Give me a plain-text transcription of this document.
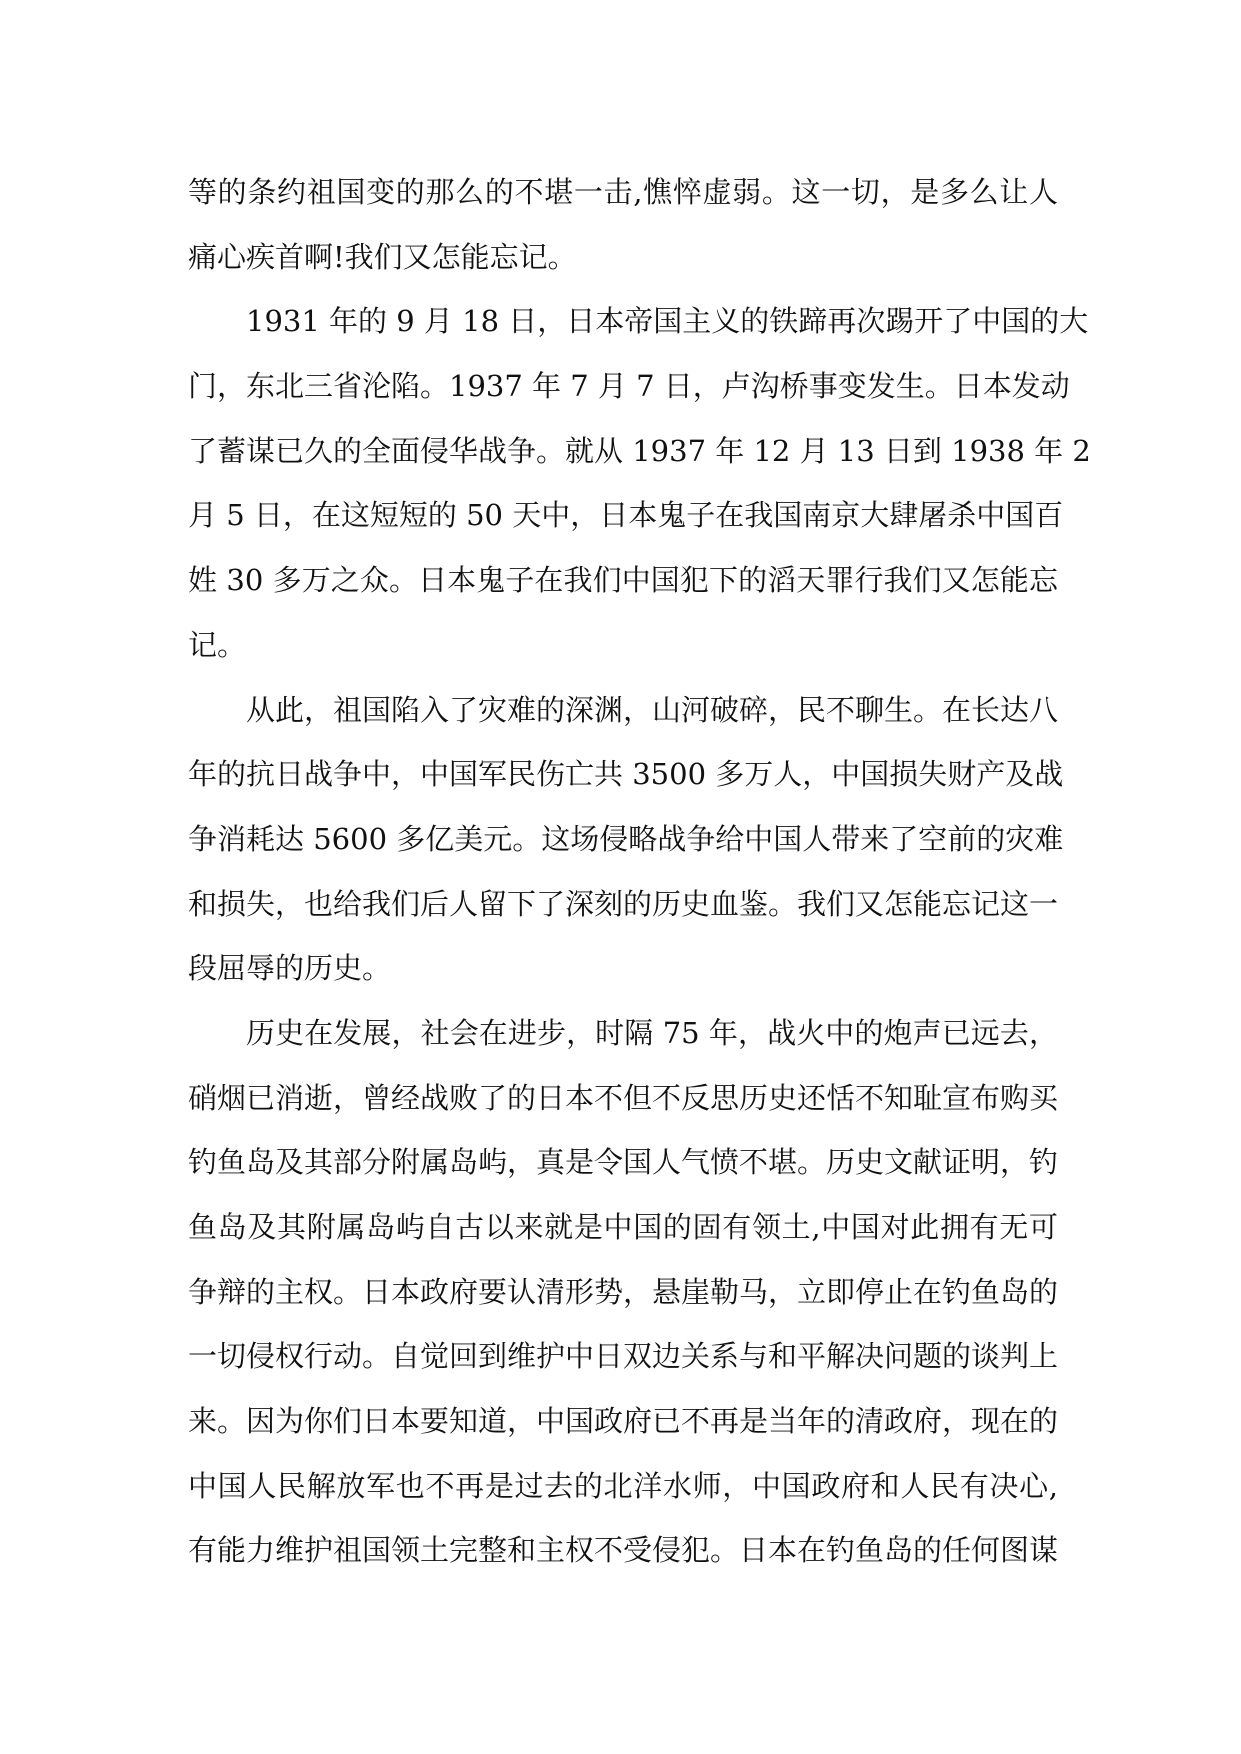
等的条约祖国变的那么的不堪一击,憔悴虚弱。这一切，是多么让人
痛心疾首啊!我们又怎能忘记。
1931 年的 9 月 18 日，日本帝国主义的铁蹄再次踢开了中国的大
门，东北三省沦陷。1937 年 7 月 7 日，卢沟桥事变发生。日本发动
了蓄谋已久的全面侵华战争。就从 1937 年 12 月 13 日到 1938 年 2
月 5 日，在这短短的 50 天中，日本鬼子在我国南京大肆屠杀中国百
姓 30 多万之众。日本鬼子在我们中国犯下的滔天罪行我们又怎能忘
记。
从此，祖国陷入了灾难的深渊，山河破碎，民不聊生。在长达八
年的抗日战争中，中国军民伤亡共 3500 多万人，中国损失财产及战
争消耗达 5600 多亿美元。这场侵略战争给中国人带来了空前的灾难
和损失，也给我们后人留下了深刻的历史血鉴。我们又怎能忘记这一
段屈辱的历史。
历史在发展，社会在进步，时隔 75 年，战火中的炮声已远去，
硝烟已消逝，曾经战败了的日本不但不反思历史还恬不知耻宣布购买
钓鱼岛及其部分附属岛屿，真是令国人气愤不堪。历史文献证明，钓
鱼岛及其附属岛屿自古以来就是中国的固有领土,中国对此拥有无可
争辩的主权。日本政府要认清形势，悬崖勒马，立即停止在钓鱼岛的
一切侵权行动。自觉回到维护中日双边关系与和平解决问题的谈判上
来。因为你们日本要知道，中国政府已不再是当年的清政府，现在的
中国人民解放军也不再是过去的北洋水师，中国政府和人民有决心,
有能力维护祖国领土完整和主权不受侵犯。日本在钓鱼岛的任何图谋
